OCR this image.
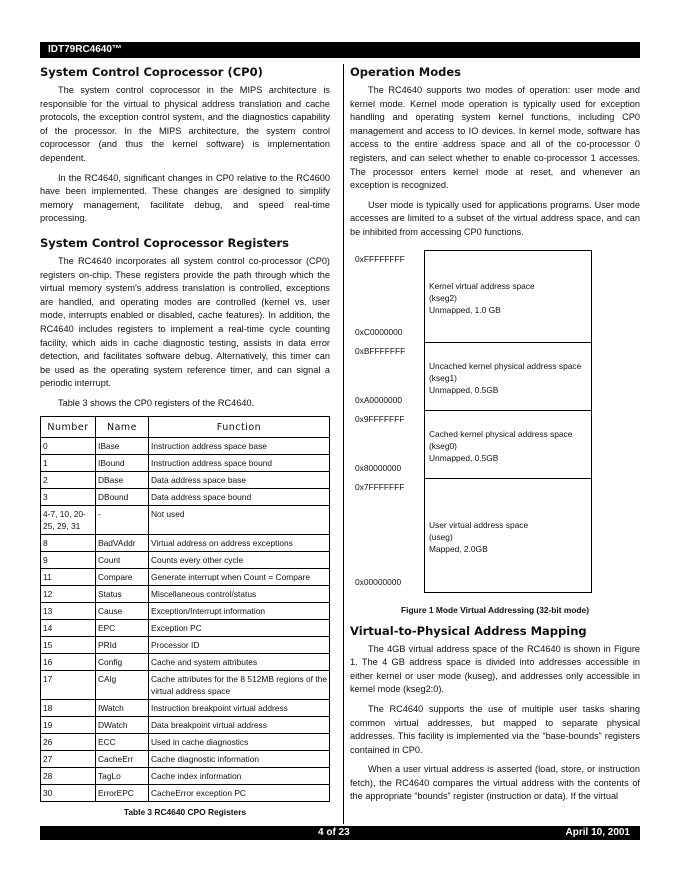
IDT79RC4640™
System Control Coprocessor (CP0)

The system control coprocessor in the MIPS architecture is responsible for the virtual to physical address translation and cache protocols, the exception control system, and the diagnostics capability of the processor. In the MIPS architecture, the system control coprocessor (and thus the kernel software) is implementation dependent.

In the RC4640, significant changes in CP0 relative to the RC4600 have been implemented. These changes are designed to simplify memory management, facilitate debug, and speed real-time processing.

System Control Coprocessor Registers

The RC4640 incorporates all system control co-processor (CP0) registers on-chip. These registers provide the path through which the virtual memory system's address translation is controlled, exceptions are handled, and operating modes are controlled (kernel vs. user mode, interrupts enabled or disabled, cache features). In addition, the RC4640 includes registers to implement a real-time cycle counting facility, which aids in cache diagnostic testing, assists in data error detection, and facilitates software debug. Alternatively, this timer can be used as the operating system reference timer, and can signal a periodic interrupt.

Table 3 shows the CP0 registers of the RC4640.

Number	Name	Function
0	IBase	Instruction address space base
1	IBound	Instruction address space bound
2	DBase	Data address space base
3	DBound	Data address space bound
4-7, 10, 20-25, 29, 31	-	Not used
8	BadVAddr	Virtual address on address exceptions
9	Count	Counts every other cycle
11	Compare	Generate interrupt when Count = Compare
12	Status	Miscellaneous control/status
13	Cause	Exception/Interrupt information
14	EPC	Exception PC
15	PRId	Processor ID
16	Config	Cache and system attributes
17	CAlg	Cache attributes for the 8 512MB regions of the virtual address space
18	IWatch	Instruction breakpoint virtual address
19	DWatch	Data breakpoint virtual address
26	ECC	Used in cache diagnostics
27	CacheErr	Cache diagnostic information
28	TagLo	Cache index information
30	ErrorEPC	CacheError exception PC
Table 3 RC4640 CPO Registers
Operation Modes

The RC4640 supports two modes of operation: user mode and kernel mode. Kernel mode operation is typically used for exception handling and operating system kernel functions, including CP0 management and access to IO devices. In kernel mode, software has access to the entire address space and all of the co-processor 0 registers, and can select whether to enable co-processor 1 accesses. The processor enters kernel mode at reset, and whenever an exception is recognized.

User mode is typically used for applications programs. User mode accesses are limited to a subset of the virtual address space, and can be inhibited from accessing CP0 functions.

0xFFFFFFFF
0xC0000000
Kernel virtual address space
(kseg2)
Unmapped, 1.0 GB
0xBFFFFFFF
0xA0000000
Uncached kernel physical address space
(kseg1)
Unmapped, 0.5GB
0x9FFFFFFF
0x80000000
Cached kernel physical address space
(kseg0)
Unmapped, 0.5GB
0x7FFFFFFF
0x00000000
User virtual address space
(useg)
Mapped, 2.0GB
Figure 1 Mode Virtual Addressing (32-bit mode)
Virtual-to-Physical Address Mapping

The 4GB virtual address space of the RC4640 is shown in Figure 1. The 4 GB address space is divided into addresses accessible in either kernel or user mode (kuseg), and addresses only accessible in kernel mode (kseg2:0).

The RC4640 supports the use of multiple user tasks sharing common virtual addresses, but mapped to separate physical addresses. This facility is implemented via the “base-bounds” registers contained in CP0.

When a user virtual address is asserted (load, store, or instruction fetch), the RC4640 compares the virtual address with the contents of the appropriate “bounds” register (instruction or data). If the virtual

4 of 23	April 10, 2001
